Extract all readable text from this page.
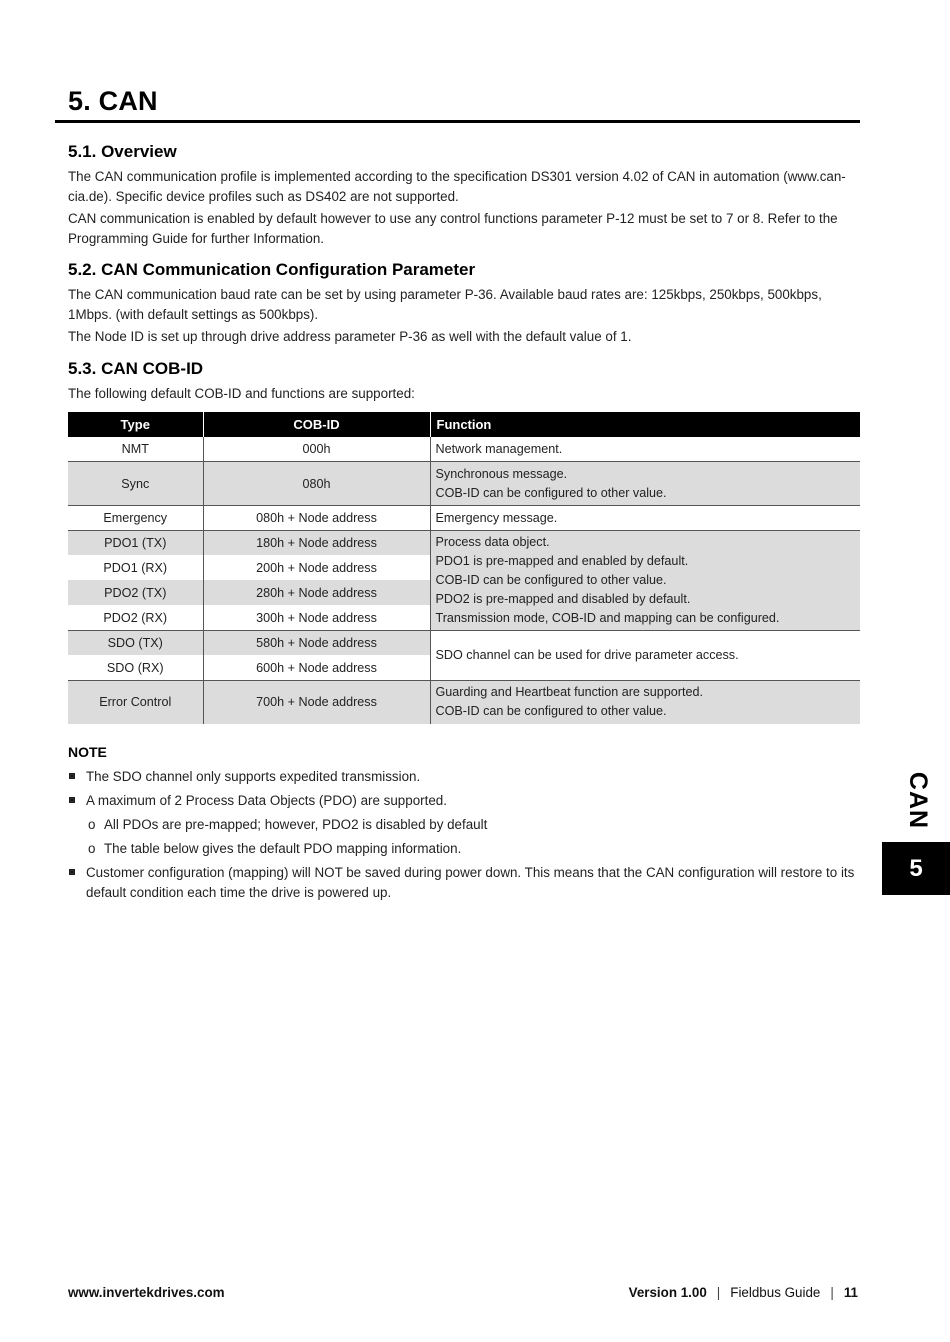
5. CAN
5.1. Overview

The CAN communication profile is implemented according to the specification DS301 version 4.02 of CAN in automation (www.can-cia.de). Specific device profiles such as DS402 are not supported.

CAN communication is enabled by default however to use any control functions parameter P-12 must be set to 7 or 8. Refer to the Programming Guide for further Information.

5.2. CAN Communication Configuration Parameter

The CAN communication baud rate can be set by using parameter P-36. Available baud rates are: 125kbps, 250kbps, 500kbps, 1Mbps. (with default settings as 500kbps).

The Node ID is set up through drive address parameter P-36 as well with the default value of 1.

5.3. CAN COB-ID

The following default COB-ID and functions are supported:

Type	COB-ID	Function
NMT	000h	Network management.
Sync	080h	Synchronous message.
COB-ID can be configured to other value.

Emergency	080h + Node address	Emergency message.
PDO1 (TX)	180h + Node address	Process data object.
PDO1 is pre-mapped and enabled by default.
COB-ID can be configured to other value.
PDO2 is pre-mapped and disabled by default.
Transmission mode, COB-ID and mapping can be configured.

PDO1 (RX)	200h + Node address	
PDO2 (TX)	280h + Node address	
PDO2 (RX)	300h + Node address	
SDO (TX)	580h + Node address	SDO channel can be used for drive parameter access.
SDO (RX)	600h + Node address	
Error Control	700h + Node address	Guarding and Heartbeat function are supported.
COB-ID can be configured to other value.

NOTE

The SDO channel only supports expedited transmission.
A maximum of 2 Process Data Objects (PDO) are supported.
o All PDOs are pre-mapped; however, PDO2 is disabled by default
o The table below gives the default PDO mapping information.
Customer configuration (mapping) will NOT be saved during power down. This means that the CAN configuration will restore to its default condition each time the drive is powered up.
CAN
5
www.invertekdrives.com	Version 1.00 | Fieldbus Guide | 11
